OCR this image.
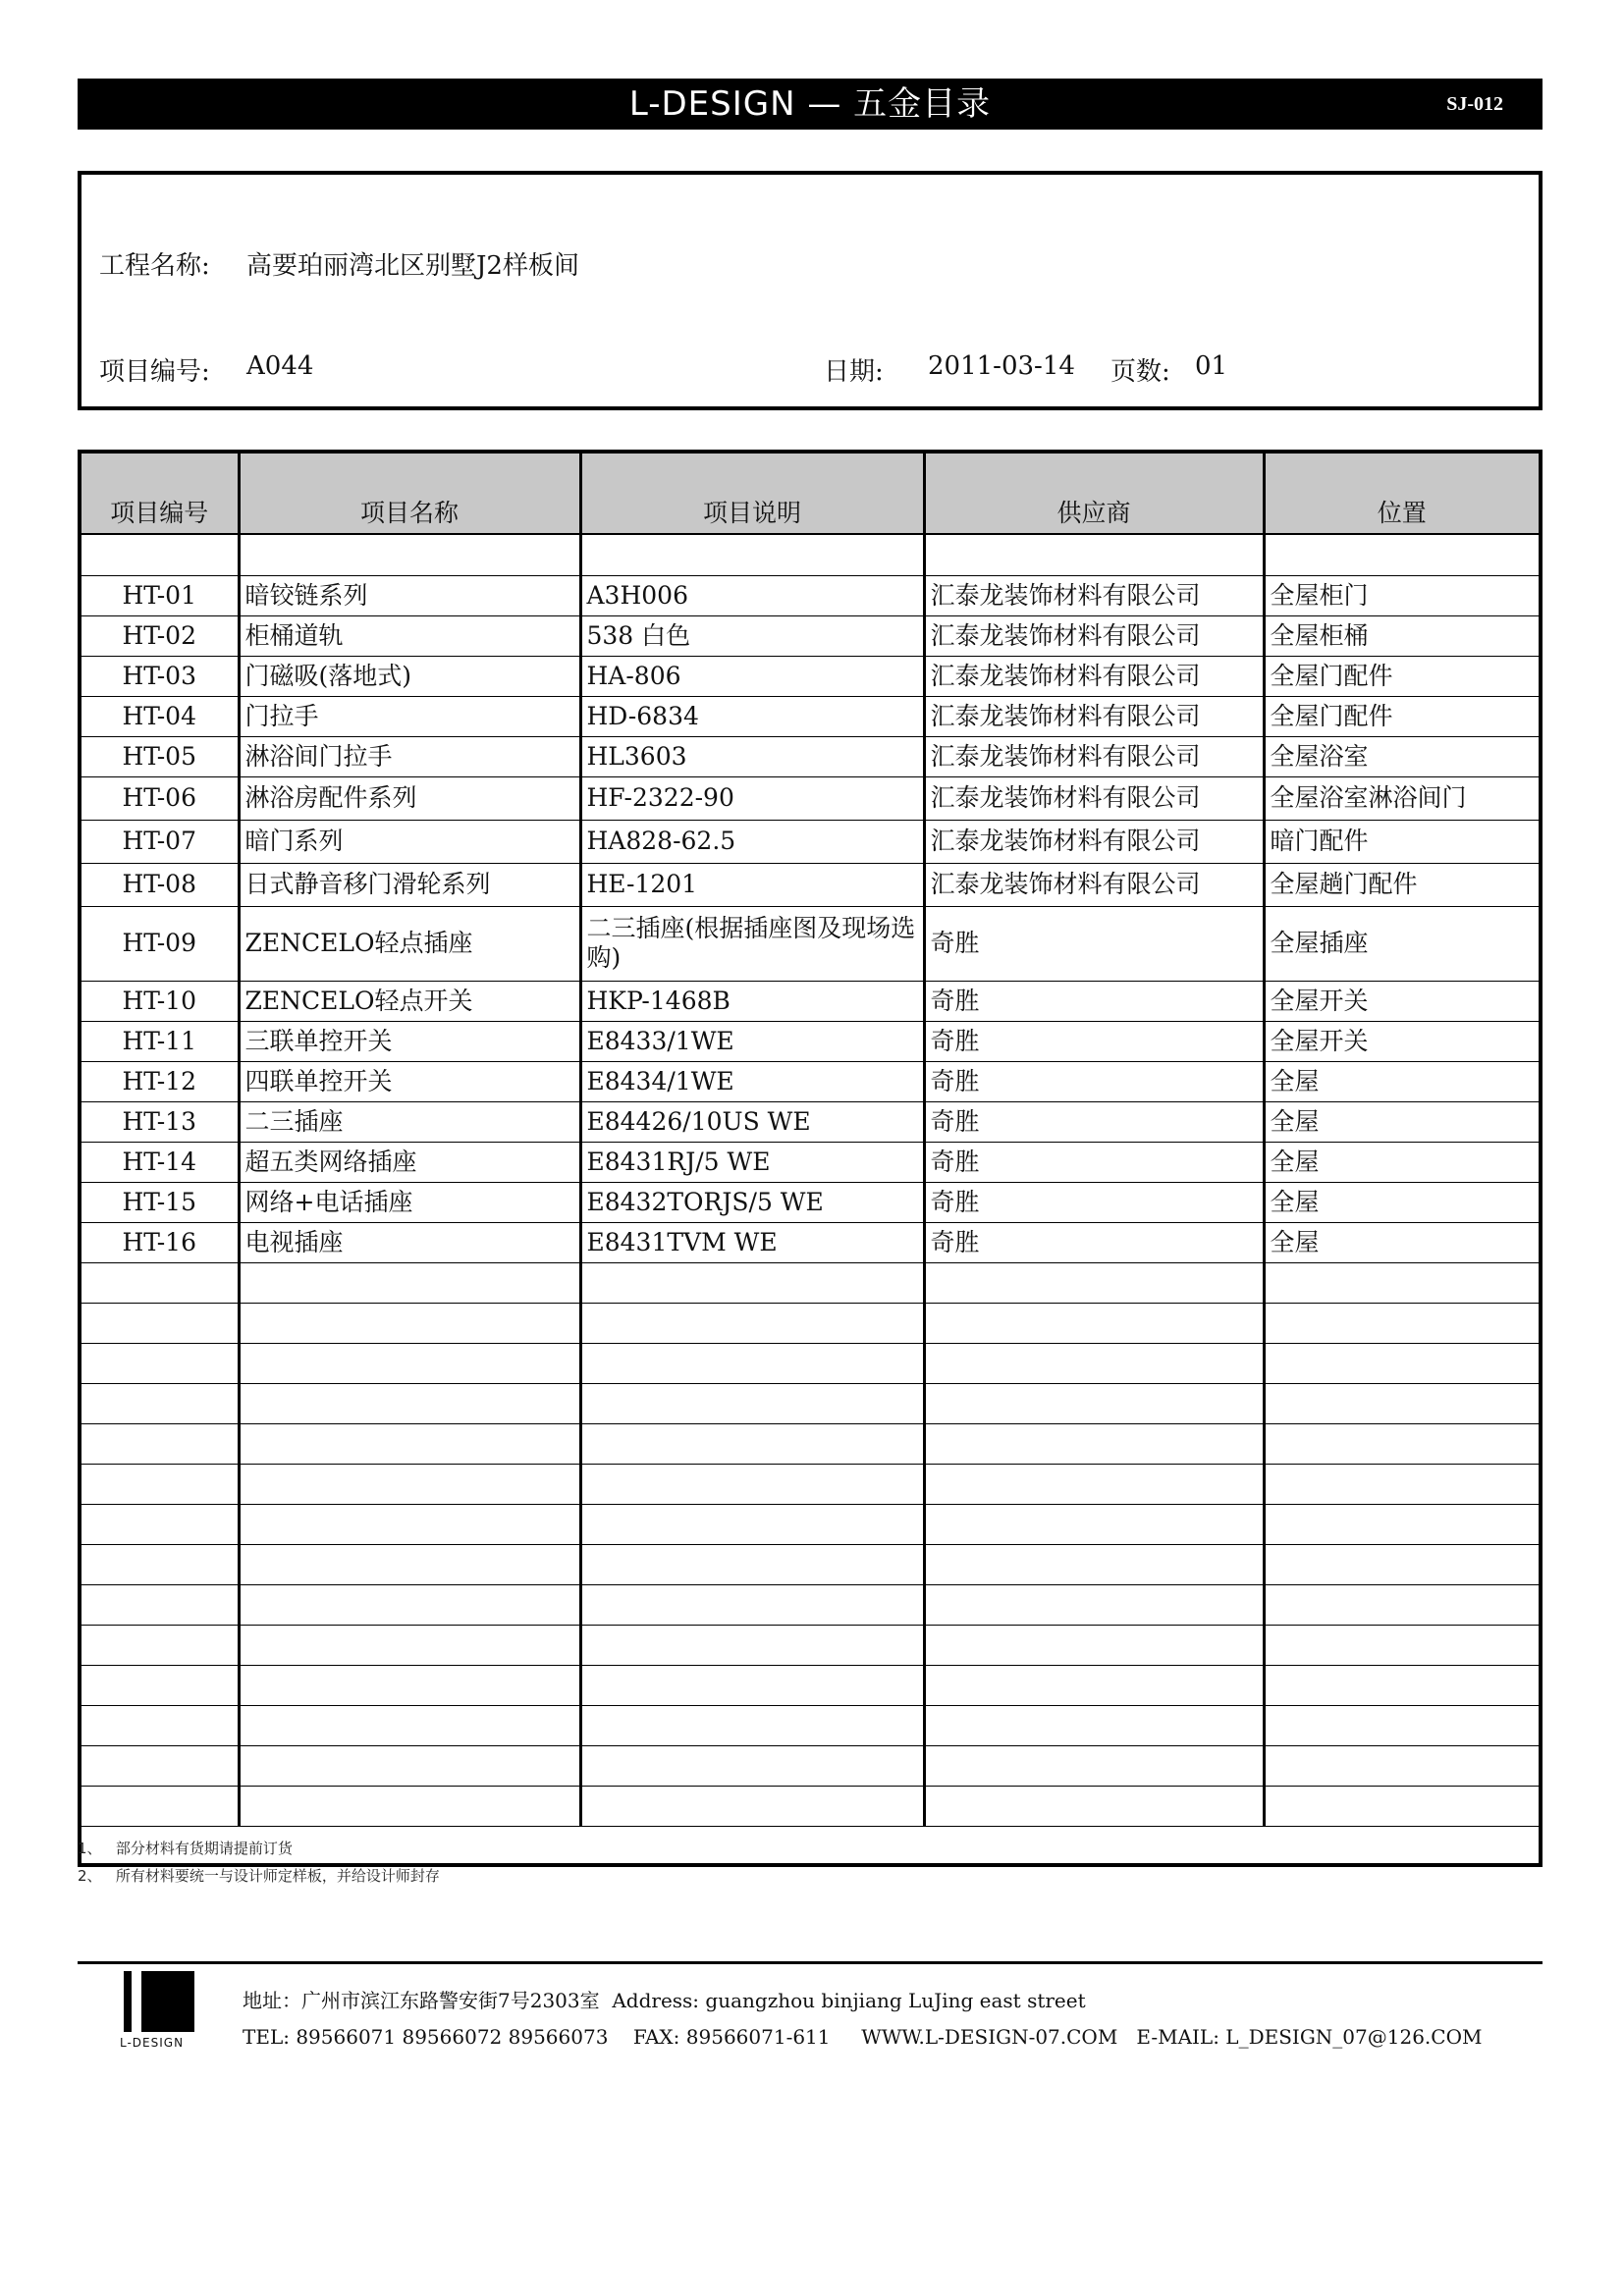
L-DESIGN — 五金目录	SJ-012
工程名称: 高要珀丽湾北区别墅J2样板间
项目编号: A044	日期: 2011-03-14 页数: 01
项目编号	项目名称	项目说明	供应商	位置

HT-01	暗铰链系列	A3H006	汇泰龙装饰材料有限公司	全屋柜门
HT-02	柜桶道轨	538 白色	汇泰龙装饰材料有限公司	全屋柜桶
HT-03	门磁吸(落地式)	HA-806	汇泰龙装饰材料有限公司	全屋门配件
HT-04	门拉手	HD-6834	汇泰龙装饰材料有限公司	全屋门配件
HT-05	淋浴间门拉手	HL3603	汇泰龙装饰材料有限公司	全屋浴室
HT-06	淋浴房配件系列	HF-2322-90	汇泰龙装饰材料有限公司	全屋浴室淋浴间门
HT-07	暗门系列	HA828-62.5	汇泰龙装饰材料有限公司	暗门配件
HT-08	日式静音移门滑轮系列	HE-1201	汇泰龙装饰材料有限公司	全屋趟门配件
HT-09	ZENCELO轻点插座	二三插座(根据插座图及现场选购)	奇胜	全屋插座
HT-10	ZENCELO轻点开关	HKP-1468B	奇胜	全屋开关
HT-11	三联单控开关	E8433/1WE	奇胜	全屋开关
HT-12	四联单控开关	E8434/1WE	奇胜	全屋
HT-13	二三插座	E84426/10US WE	奇胜	全屋
HT-14	超五类网络插座	E8431RJ/5 WE	奇胜	全屋
HT-15	网络+电话插座	E8432TORJS/5 WE	奇胜	全屋
HT-16	电视插座	E8431TVM WE	奇胜	全屋

1、   部分材料有货期请提前订货
2、   所有材料要统一与设计师定样板，并给设计师封存
L-DESIGN
地址：广州市滨江东路警安街7号2303室  Address: guangzhou binjiang LuJing east street
TEL: 89566071 89566072 89566073    FAX: 89566071-611     WWW.L-DESIGN-07.COM   E-MAIL: L_DESIGN_07@126.COM
